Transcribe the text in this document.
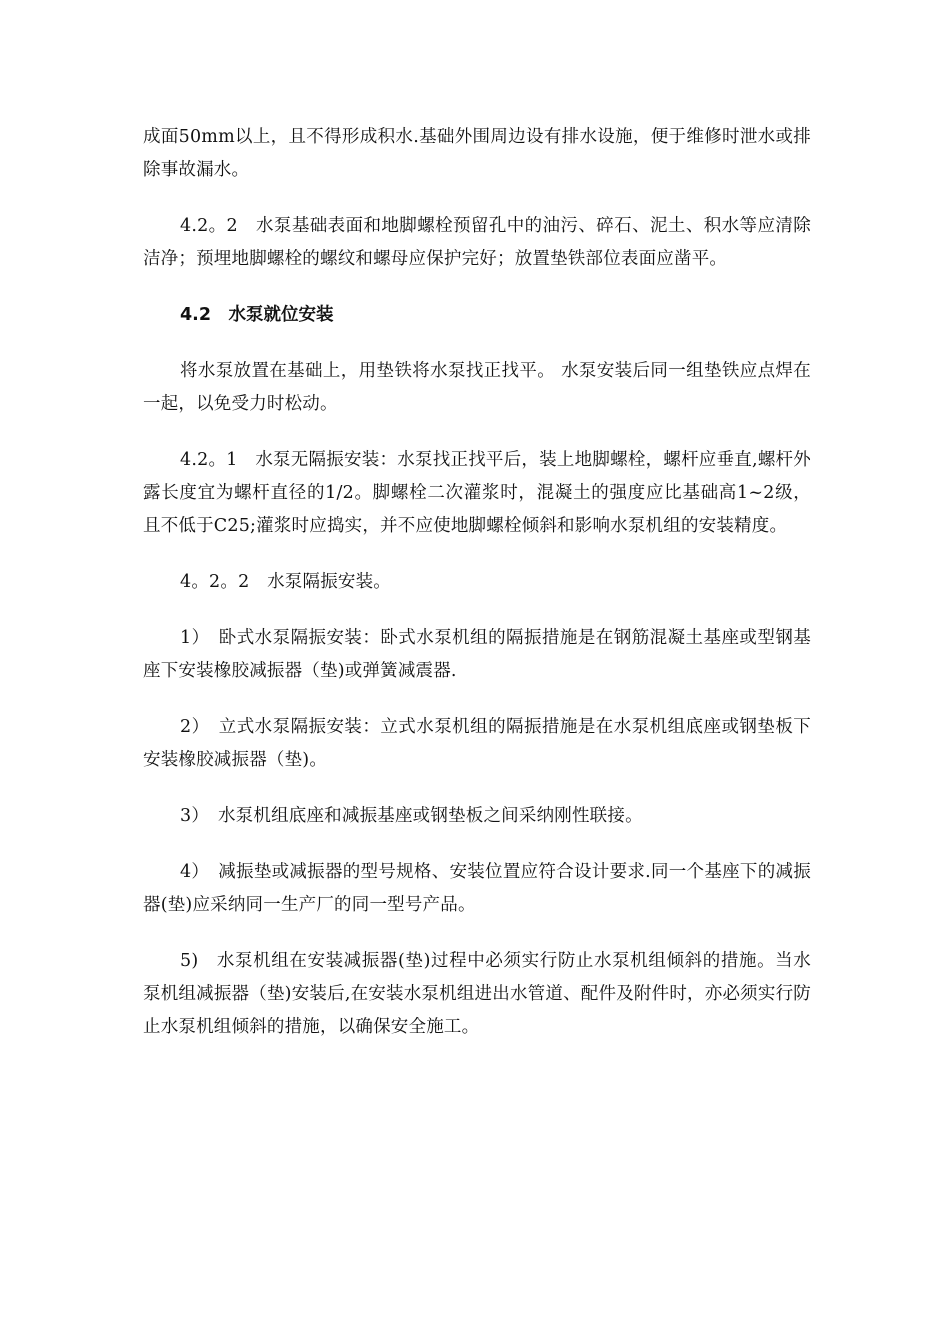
成面50mm以上，且不得形成积水.基础外围周边设有排水设施，便于维修时泄水或排除事故漏水。

4.2。2　水泵基础表面和地脚螺栓预留孔中的油污、碎石、泥土、积水等应清除洁净；预埋地脚螺栓的螺纹和螺母应保护完好；放置垫铁部位表面应凿平。

4.2　水泵就位安装

将水泵放置在基础上，用垫铁将水泵找正找平。 水泵安装后同一组垫铁应点焊在一起，以免受力时松动。

4.2。1　水泵无隔振安装：水泵找正找平后，装上地脚螺栓，螺杆应垂直,螺杆外露长度宜为螺杆直径的1/2。脚螺栓二次灌浆时，混凝土的强度应比基础高1~2级，且不低于C25;灌浆时应捣实，并不应使地脚螺栓倾斜和影响水泵机组的安装精度。

4。2。2　水泵隔振安装。

1）　卧式水泵隔振安装：卧式水泵机组的隔振措施是在钢筋混凝土基座或型钢基座下安装橡胶减振器（垫)或弹簧减震器.

2）　立式水泵隔振安装：立式水泵机组的隔振措施是在水泵机组底座或钢垫板下安装橡胶减振器（垫)。

3）　水泵机组底座和减振基座或钢垫板之间采纳刚性联接。

4）　减振垫或减振器的型号规格、安装位置应符合设计要求.同一个基座下的减振器(垫)应采纳同一生产厂的同一型号产品。

5)　水泵机组在安装减振器(垫)过程中必须实行防止水泵机组倾斜的措施。当水泵机组减振器（垫)安装后,在安装水泵机组进出水管道、配件及附件时，亦必须实行防止水泵机组倾斜的措施，以确保安全施工。
